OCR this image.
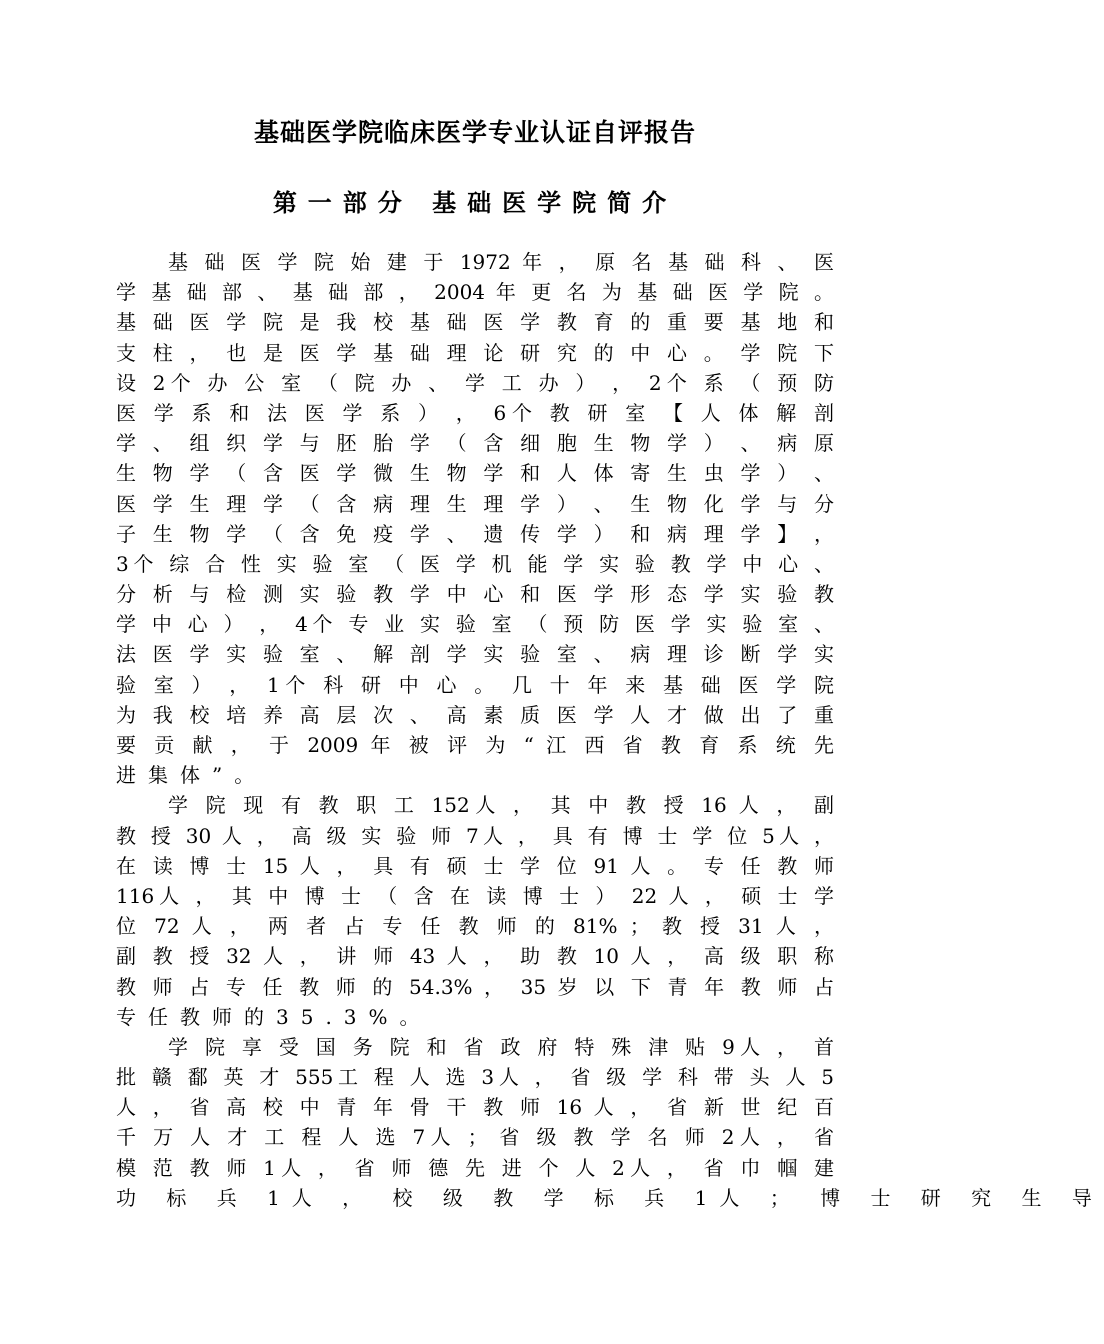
基础医学院临床医学专业认证自评报告
第一部分 基础医学院简介
基 础 医 学 院 始 建 于 1972 年 ， 原 名 基 础 科 、 医
学 基 础 部 、 基 础 部 ， 2004 年 更 名 为 基 础 医 学 院 。
基 础 医 学 院 是 我 校 基 础 医 学 教 育 的 重 要 基 地 和
支 柱 ， 也 是 医 学 基 础 理 论 研 究 的 中 心 。 学 院 下
设 2个 办 公 室 （ 院 办 、 学 工 办 ） ， 2个 系 （ 预 防
医 学 系 和 法 医 学 系 ） ， 6个 教 研 室 【 人 体 解 剖
学 、 组 织 学 与 胚 胎 学 （ 含 细 胞 生 物 学 ） 、 病 原
生 物 学 （ 含 医 学 微 生 物 学 和 人 体 寄 生 虫 学 ） 、
医 学 生 理 学 （ 含 病 理 生 理 学 ） 、 生 物 化 学 与 分
子 生 物 学 （ 含 免 疫 学 、 遗 传 学 ） 和 病 理 学 】 ，
3个 综 合 性 实 验 室 （ 医 学 机 能 学 实 验 教 学 中 心 、
分 析 与 检 测 实 验 教 学 中 心 和 医 学 形 态 学 实 验 教
学 中 心 ） ， 4个 专 业 实 验 室 （ 预 防 医 学 实 验 室 、
法 医 学 实 验 室 、 解 剖 学 实 验 室 、 病 理 诊 断 学 实
验 室 ） ， 1个 科 研 中 心 。 几 十 年 来 基 础 医 学 院
为 我 校 培 养 高 层 次 、 高 素 质 医 学 人 才 做 出 了 重
要 贡 献 ， 于 2009 年 被 评 为 “ 江 西 省 教 育 系 统 先
进集体”。
学 院 现 有 教 职 工 152人 ， 其 中 教 授 16 人 ， 副
教 授 30 人 ， 高 级 实 验 师 7人 ， 具 有 博 士 学 位 5人 ，
在 读 博 士 15 人 ， 具 有 硕 士 学 位 91 人 。 专 任 教 师
116人 ， 其 中 博 士 （ 含 在 读 博 士 ） 22 人 ， 硕 士 学
位 72 人 ， 两 者 占 专 任 教 师 的 81% ； 教 授 31 人 ，
副 教 授 32 人 ， 讲 师 43 人 ， 助 教 10 人 ， 高 级 职 称
教 师 占 专 任 教 师 的 54.3% ， 35 岁 以 下 青 年 教 师 占
专任教师的35.3%。
学 院 享 受 国 务 院 和 省 政 府 特 殊 津 贴 9人 ， 首
批 赣 鄱 英 才 555工 程 人 选 3人 ， 省 级 学 科 带 头 人 5
人 ， 省 高 校 中 青 年 骨 干 教 师 16 人 ， 省 新 世 纪 百
千 万 人 才 工 程 人 选 7人 ； 省 级 教 学 名 师 2人 ， 省
模 范 教 师 1人 ， 省 师 德 先 进 个 人 2人 ， 省 巾 帼 建
功 标 兵 1人 ， 校 级 教 学 标 兵 1人 ； 博 士 研 究 生 导
